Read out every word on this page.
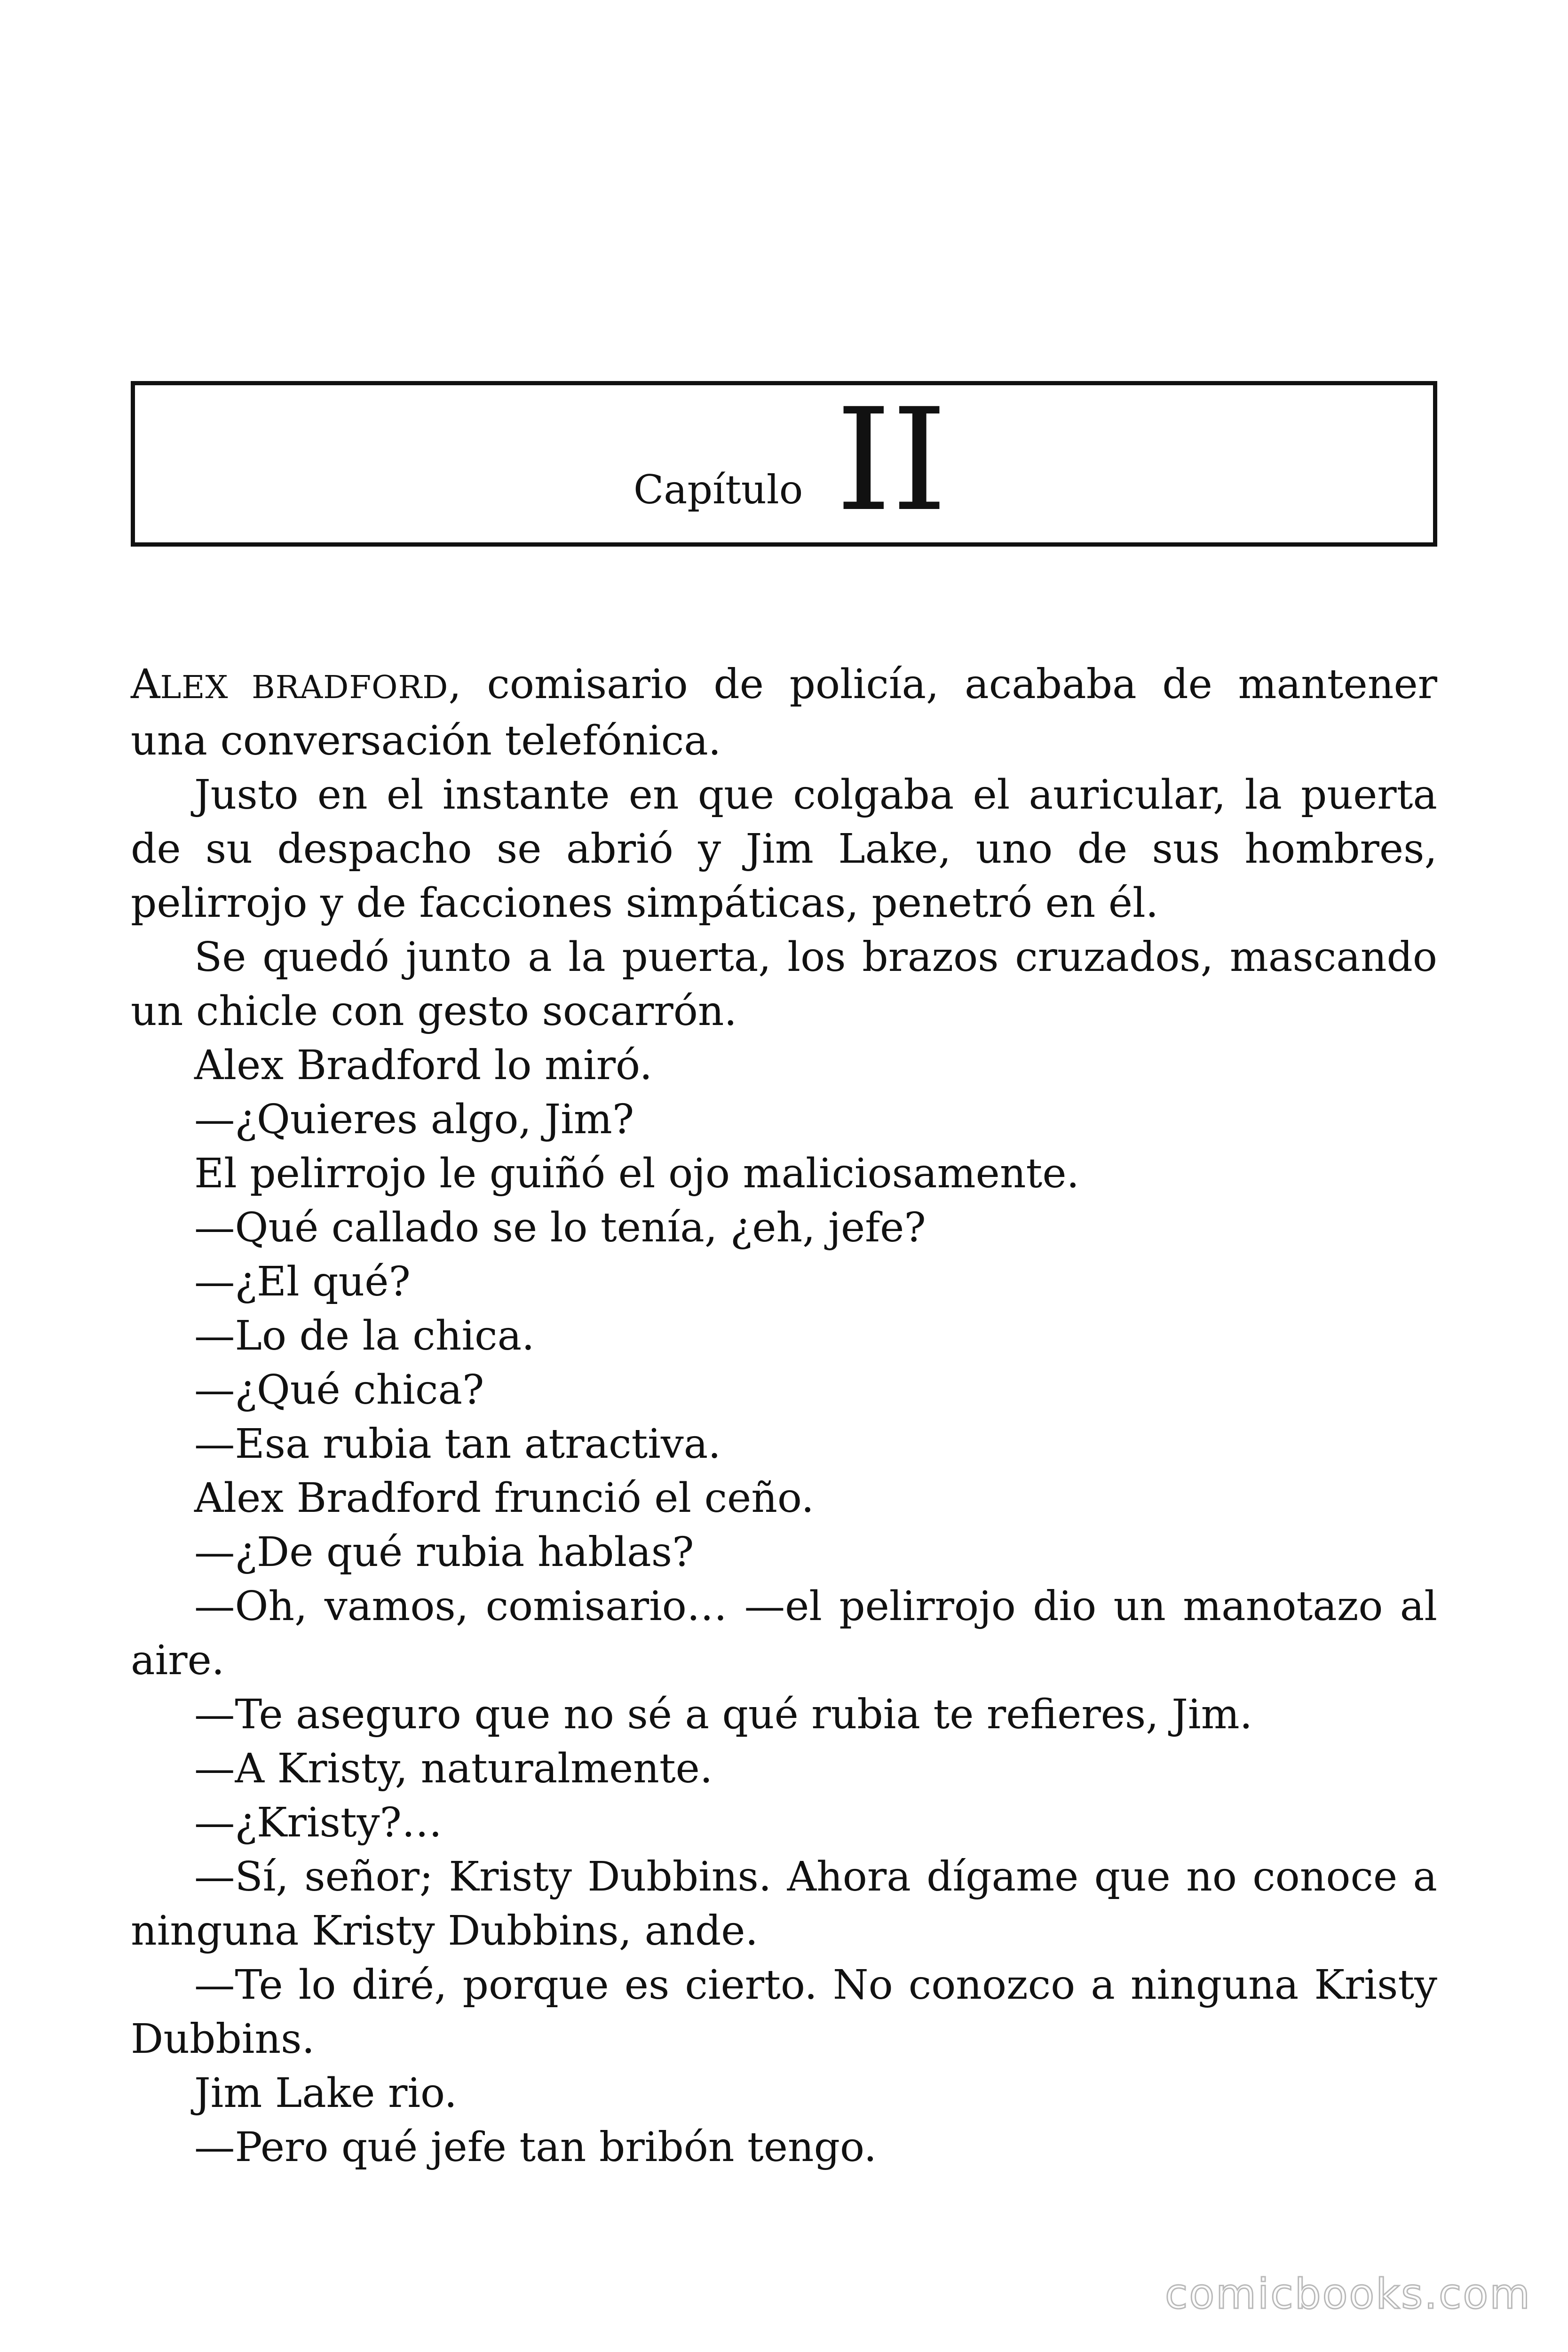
Capítulo II

ALEX BRADFORD, comisario de policía, acababa de mantener una conversación telefónica.

Justo en el instante en que colgaba el auricular, la puerta de su despacho se abrió y Jim Lake, uno de sus hombres, pelirrojo y de facciones simpáticas, penetró en él.

Se quedó junto a la puerta, los brazos cruzados, mascando un chicle con gesto socarrón.

Alex Bradford lo miró.

—¿Quieres algo, Jim?

El pelirrojo le guiñó el ojo maliciosamente.

—Qué callado se lo tenía, ¿eh, jefe?

—¿El qué?

—Lo de la chica.

—¿Qué chica?

—Esa rubia tan atractiva.

Alex Bradford frunció el ceño.

—¿De qué rubia hablas?

—Oh, vamos, comisario… —el pelirrojo dio un manotazo al aire.

—Te aseguro que no sé a qué rubia te refieres, Jim.

—A Kristy, naturalmente.

—¿Kristy?…

—Sí, señor; Kristy Dubbins. Ahora dígame que no conoce a ninguna Kristy Dubbins, ande.

—Te lo diré, porque es cierto. No conozco a ninguna Kristy Dubbins.

Jim Lake rio.

—Pero qué jefe tan bribón tengo.

comicbooks.com
